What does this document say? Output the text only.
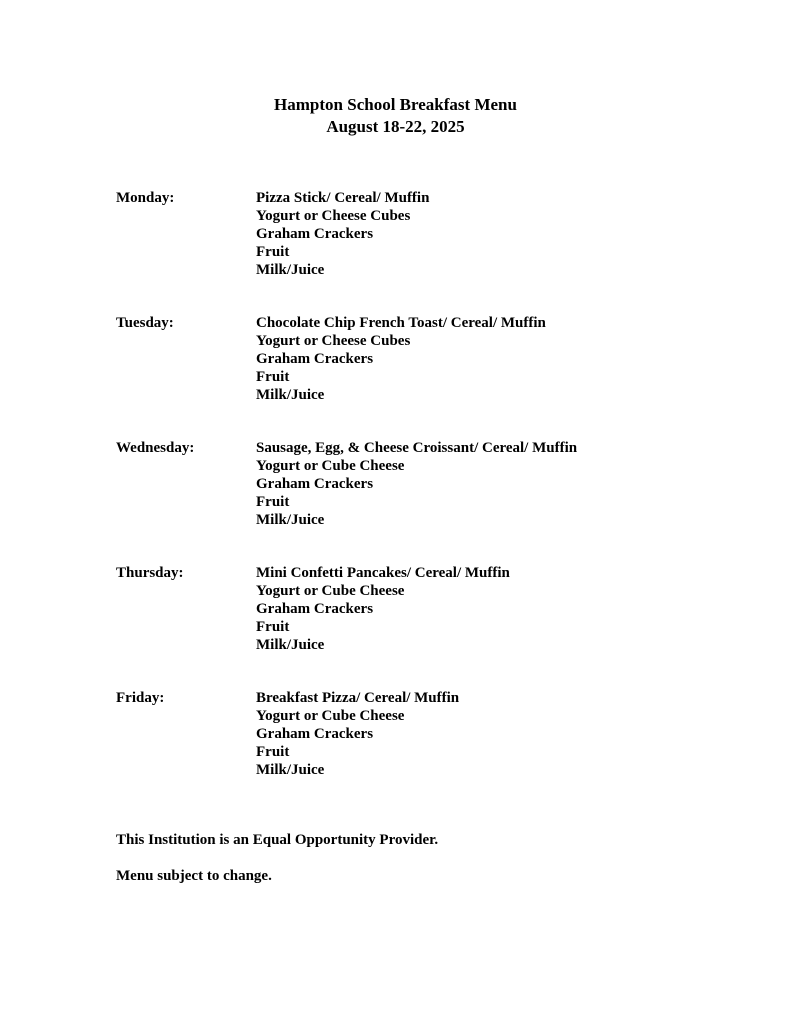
Hampton School Breakfast Menu
August 18-22, 2025
Monday:	Pizza Stick/ Cereal/ Muffin
Yogurt or Cheese Cubes
Graham Crackers
Fruit
Milk/Juice
Tuesday:	Chocolate Chip French Toast/ Cereal/ Muffin
Yogurt or Cheese Cubes
Graham Crackers
Fruit
Milk/Juice
Wednesday:	Sausage, Egg, & Cheese Croissant/ Cereal/ Muffin
Yogurt or Cube Cheese
Graham Crackers
Fruit
Milk/Juice
Thursday:	Mini Confetti Pancakes/ Cereal/ Muffin
Yogurt or Cube Cheese
Graham Crackers
Fruit
Milk/Juice
Friday:	Breakfast Pizza/ Cereal/ Muffin
Yogurt or Cube Cheese
Graham Crackers
Fruit
Milk/Juice
This Institution is an Equal Opportunity Provider.
Menu subject to change.
